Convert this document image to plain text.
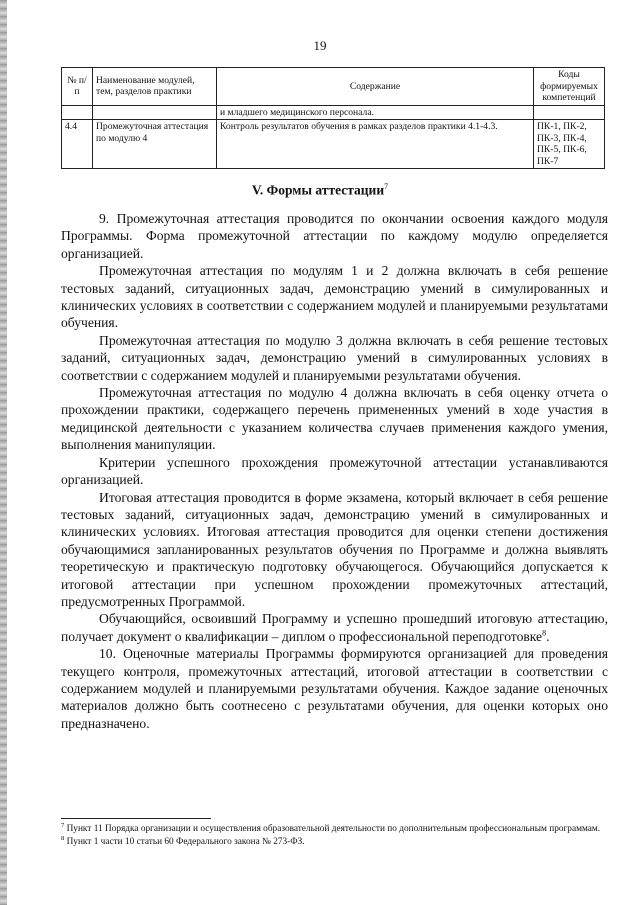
19
№ п/п	Наименование модулей, тем, разделов практики	Содержание	Коды формируемых компетенций
		и младшего медицинского персонала.	
4.4	Промежуточная аттестация по модулю 4	Контроль результатов обучения в рамках разделов практики 4.1-4.3.	ПК-1, ПК-2, ПК-3, ПК-4, ПК-5, ПК-6, ПК-7
V. Формы аттестации$^7$

9. Промежуточная аттестация проводится по окончании освоения каждого модуля Программы. Форма промежуточной аттестации по каждому модулю определяется организацией.

Промежуточная аттестация по модулям 1 и 2 должна включать в себя решение тестовых заданий, ситуационных задач, демонстрацию умений в симулированных и клинических условиях в соответствии с содержанием модулей и планируемыми результатами обучения.

Промежуточная аттестация по модулю 3 должна включать в себя решение тестовых заданий, ситуационных задач, демонстрацию умений в симулированных условиях в соответствии с содержанием модулей и планируемыми результатами обучения.

Промежуточная аттестация по модулю 4 должна включать в себя оценку отчета о прохождении практики, содержащего перечень примененных умений в ходе участия в медицинской деятельности с указанием количества случаев применения каждого умения, выполнения манипуляции.

Критерии успешного прохождения промежуточной аттестации устанавливаются организацией.

Итоговая аттестация проводится в форме экзамена, который включает в себя решение тестовых заданий, ситуационных задач, демонстрацию умений в симулированных и клинических условиях. Итоговая аттестация проводится для оценки степени достижения обучающимися запланированных результатов обучения по Программе и должна выявлять теоретическую и практическую подготовку обучающегося. Обучающийся допускается к итоговой аттестации при успешном прохождении промежуточных аттестаций, предусмотренных Программой.

Обучающийся, освоивший Программу и успешно прошедший итоговую аттестацию, получает документ о квалификации – диплом о профессиональной переподготовке$^8$.

10. Оценочные материалы Программы формируются организацией для проведения текущего контроля, промежуточных аттестаций, итоговой аттестации в соответствии с содержанием модулей и планируемыми результатами обучения. Каждое задание оценочных материалов должно быть соотнесено с результатами обучения, для оценки которых оно предназначено.

$^7$ Пункт 11 Порядка организации и осуществления образовательной деятельности по дополнительным профессиональным программам.

$^8$ Пункт 1 части 10 статьи 60 Федерального закона № 273-ФЗ.
